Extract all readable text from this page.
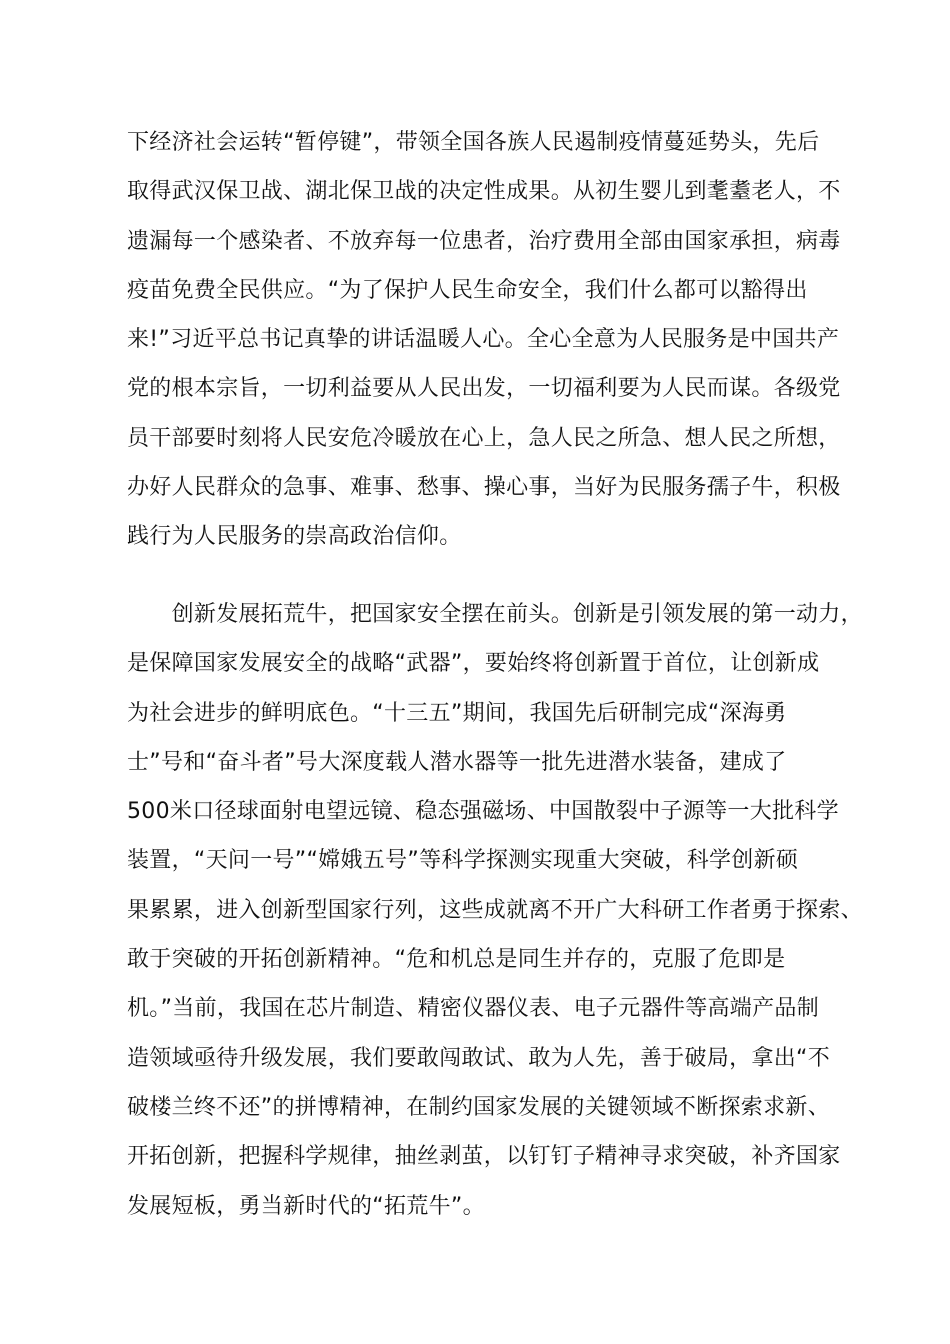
下经济社会运转“暂停键”，带领全国各族人民遏制疫情蔓延势头，先后
取得武汉保卫战、湖北保卫战的决定性成果。从初生婴儿到耄耋老人，不
遗漏每一个感染者、不放弃每一位患者，治疗费用全部由国家承担，病毒
疫苗免费全民供应。“为了保护人民生命安全，我们什么都可以豁得出
来!”习近平总书记真挚的讲话温暖人心。全心全意为人民服务是中国共产
党的根本宗旨，一切利益要从人民出发，一切福利要为人民而谋。各级党
员干部要时刻将人民安危冷暖放在心上，急人民之所急、想人民之所想，
办好人民群众的急事、难事、愁事、操心事，当好为民服务孺子牛，积极
践行为人民服务的崇高政治信仰。
　　创新发展拓荒牛，把国家安全摆在前头。创新是引领发展的第一动力，
是保障国家发展安全的战略“武器”，要始终将创新置于首位，让创新成
为社会进步的鲜明底色。“十三五”期间，我国先后研制完成“深海勇
士”号和“奋斗者”号大深度载人潜水器等一批先进潜水装备，建成了
500米口径球面射电望远镜、稳态强磁场、中国散裂中子源等一大批科学
装置，“天问一号”“嫦娥五号”等科学探测实现重大突破，科学创新硕
果累累，进入创新型国家行列，这些成就离不开广大科研工作者勇于探索、
敢于突破的开拓创新精神。“危和机总是同生并存的，克服了危即是
机。”当前，我国在芯片制造、精密仪器仪表、电子元器件等高端产品制
造领域亟待升级发展，我们要敢闯敢试、敢为人先，善于破局，拿出“不
破楼兰终不还”的拼博精神，在制约国家发展的关键领域不断探索求新、
开拓创新，把握科学规律，抽丝剥茧，以钉钉子精神寻求突破，补齐国家
发展短板，勇当新时代的“拓荒牛”。
